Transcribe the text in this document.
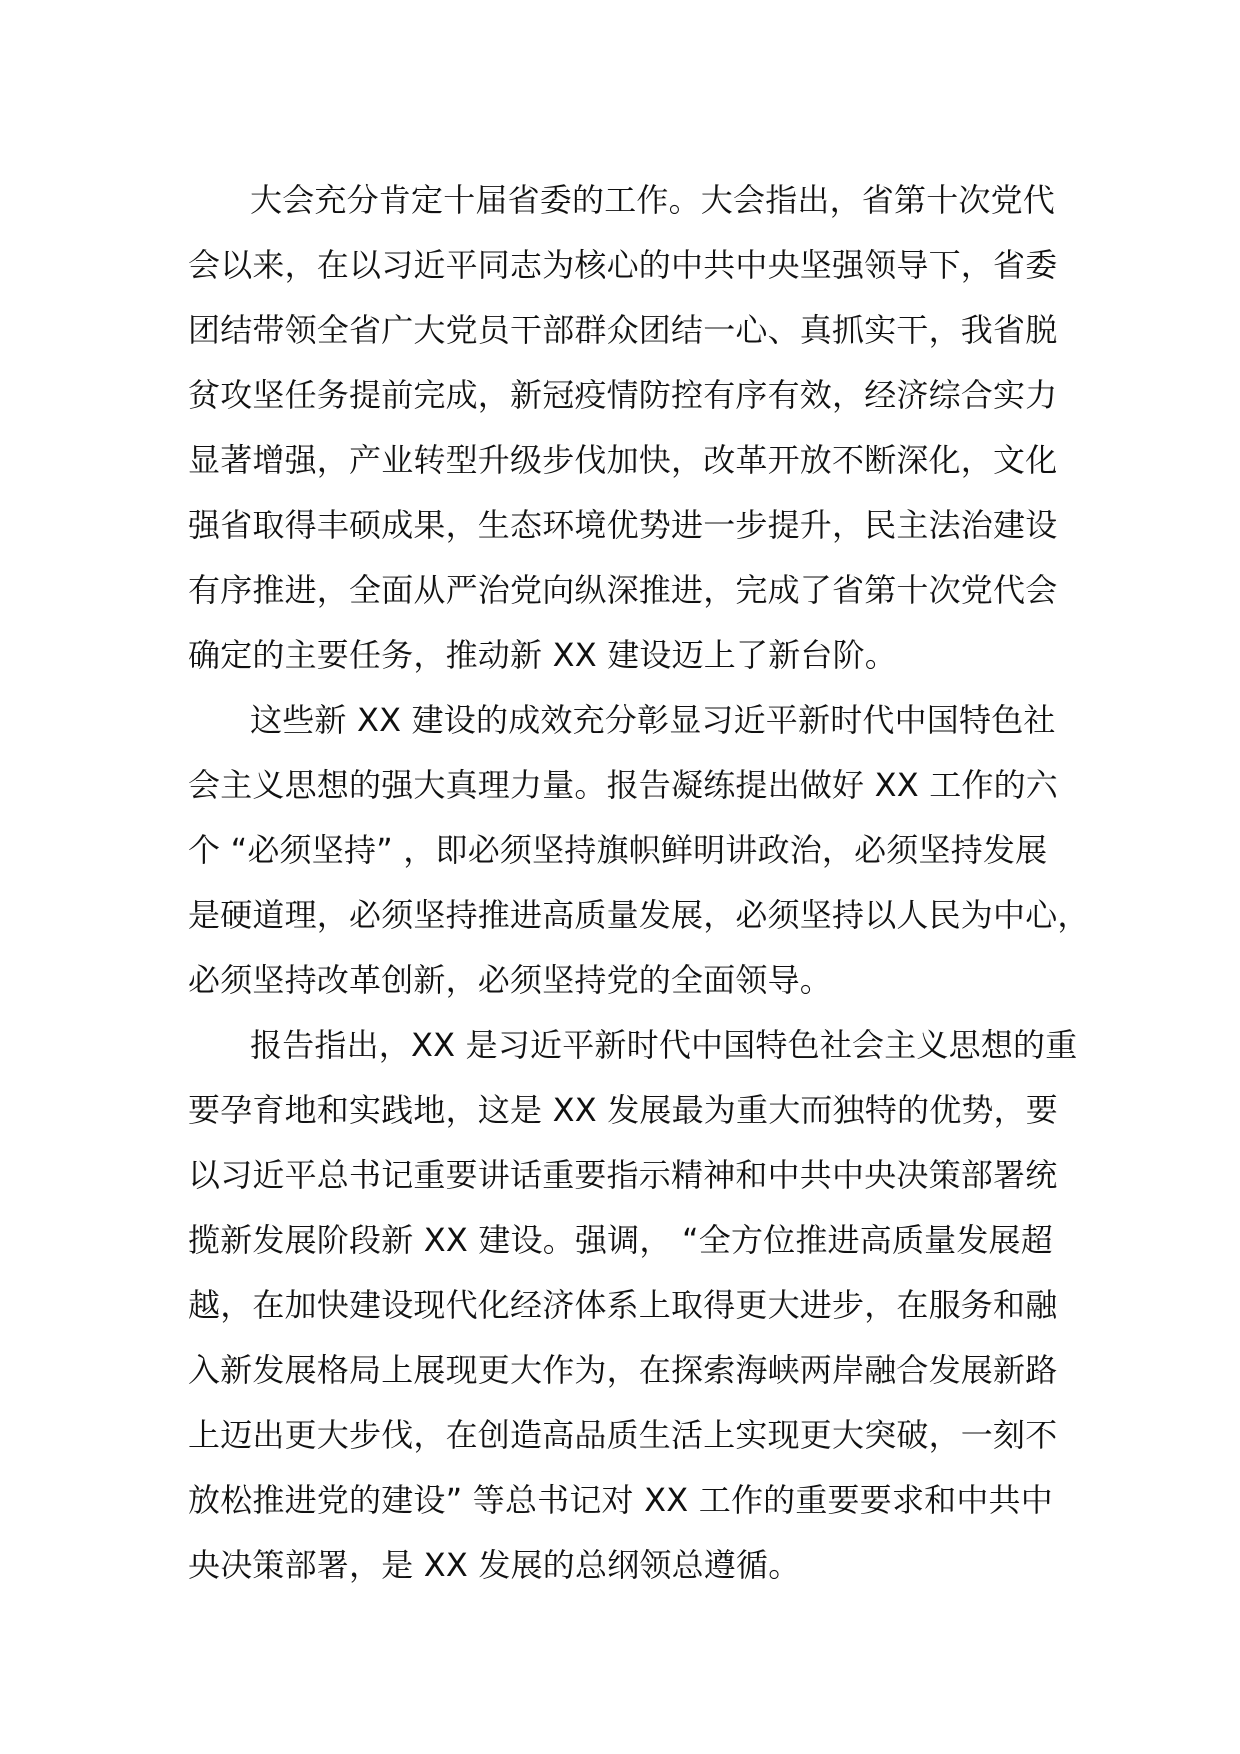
大会充分肯定十届省委的工作。大会指出，省第十次党代
会以来，在以习近平同志为核心的中共中央坚强领导下，省委
团结带领全省广大党员干部群众团结一心、真抓实干，我省脱
贫攻坚任务提前完成，新冠疫情防控有序有效，经济综合实力
显著增强，产业转型升级步伐加快，改革开放不断深化，文化
强省取得丰硕成果，生态环境优势进一步提升，民主法治建设
有序推进，全面从严治党向纵深推进，完成了省第十次党代会
确定的主要任务，推动新 XX 建设迈上了新台阶。
这些新 XX 建设的成效充分彰显习近平新时代中国特色社
会主义思想的强大真理力量。报告凝练提出做好 XX 工作的六
个 “必须坚持” ，即必须坚持旗帜鲜明讲政治，必须坚持发展
是硬道理，必须坚持推进高质量发展，必须坚持以人民为中心，
必须坚持改革创新，必须坚持党的全面领导。
报告指出，XX 是习近平新时代中国特色社会主义思想的重
要孕育地和实践地，这是 XX 发展最为重大而独特的优势，要
以习近平总书记重要讲话重要指示精神和中共中央决策部署统
揽新发展阶段新 XX 建设。强调， “全方位推进高质量发展超
越，在加快建设现代化经济体系上取得更大进步，在服务和融
入新发展格局上展现更大作为，在探索海峡两岸融合发展新路
上迈出更大步伐，在创造高品质生活上实现更大突破，一刻不
放松推进党的建设” 等总书记对 XX 工作的重要要求和中共中
央决策部署，是 XX 发展的总纲领总遵循。
